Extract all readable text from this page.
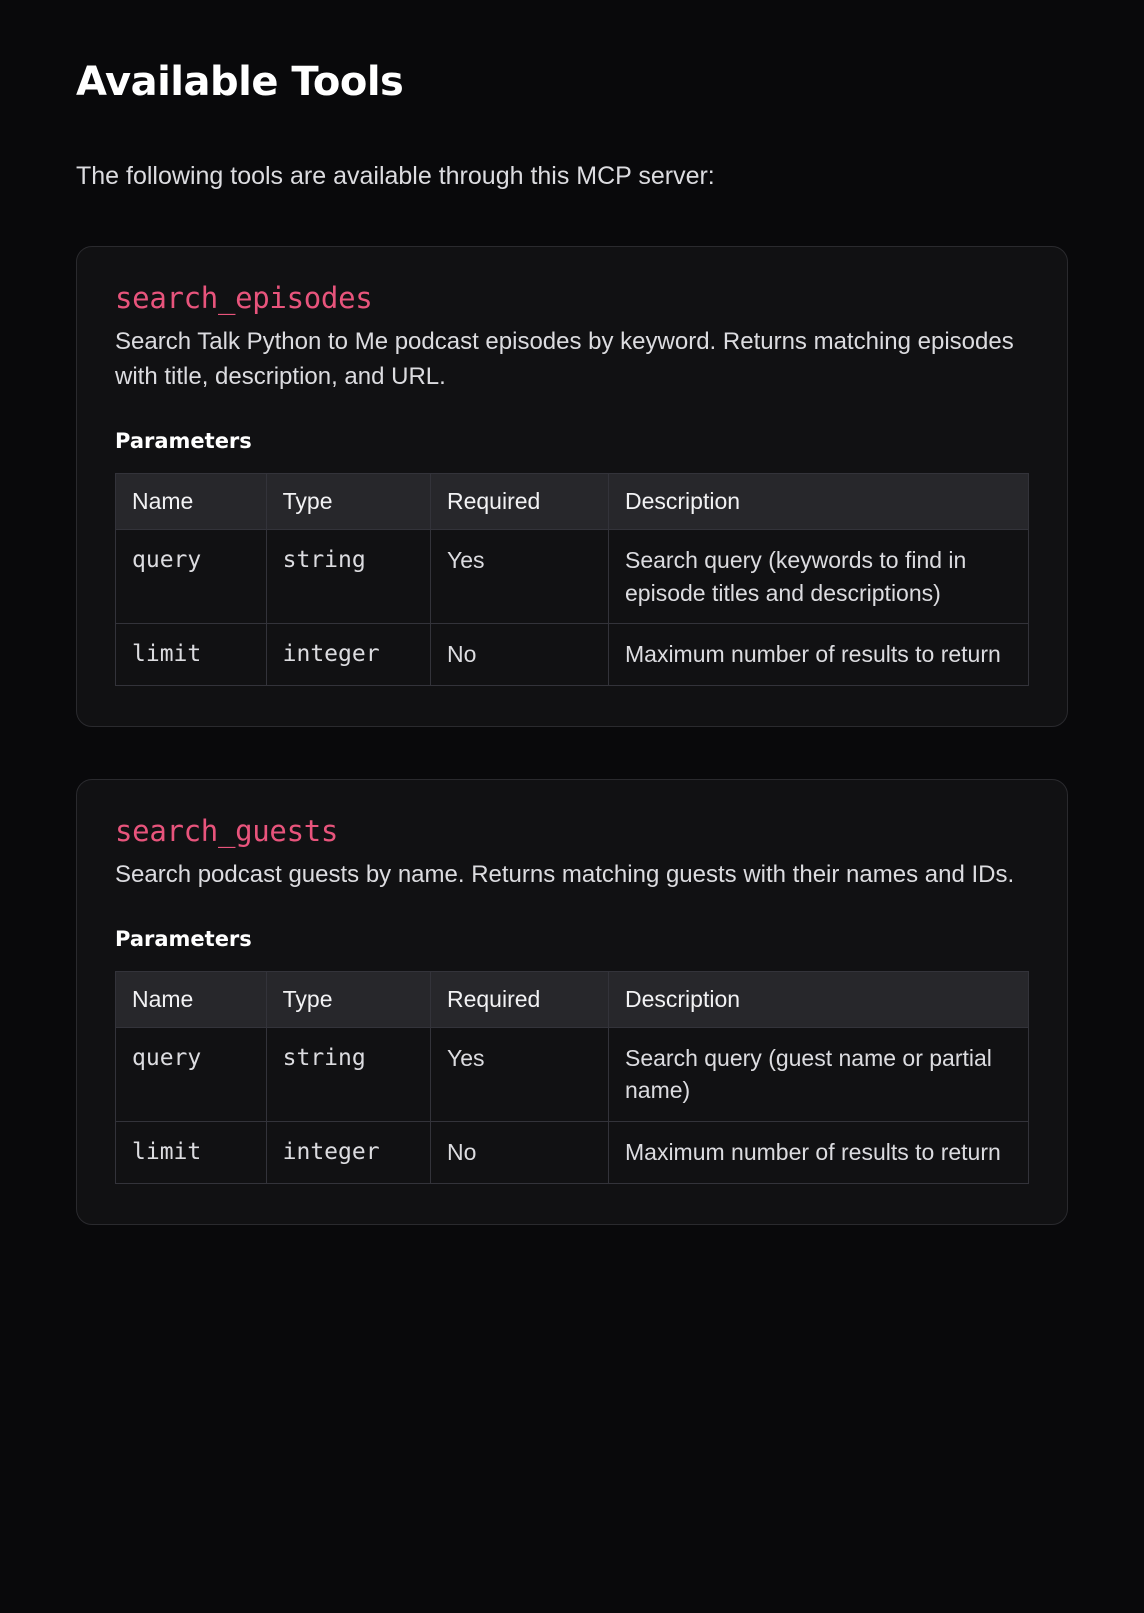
Available Tools

The following tools are available through this MCP server:

search_episodes

Search Talk Python to Me podcast episodes by keyword. Returns matching episodes with title, description, and URL.

Parameters
Name	Type	Required	Description
query	string	Yes	Search query (keywords to find in episode titles and descriptions)
limit	integer	No	Maximum number of results to return
search_guests

Search podcast guests by name. Returns matching guests with their names and IDs.

Parameters
Name	Type	Required	Description
query	string	Yes	Search query (guest name or partial name)
limit	integer	No	Maximum number of results to return
